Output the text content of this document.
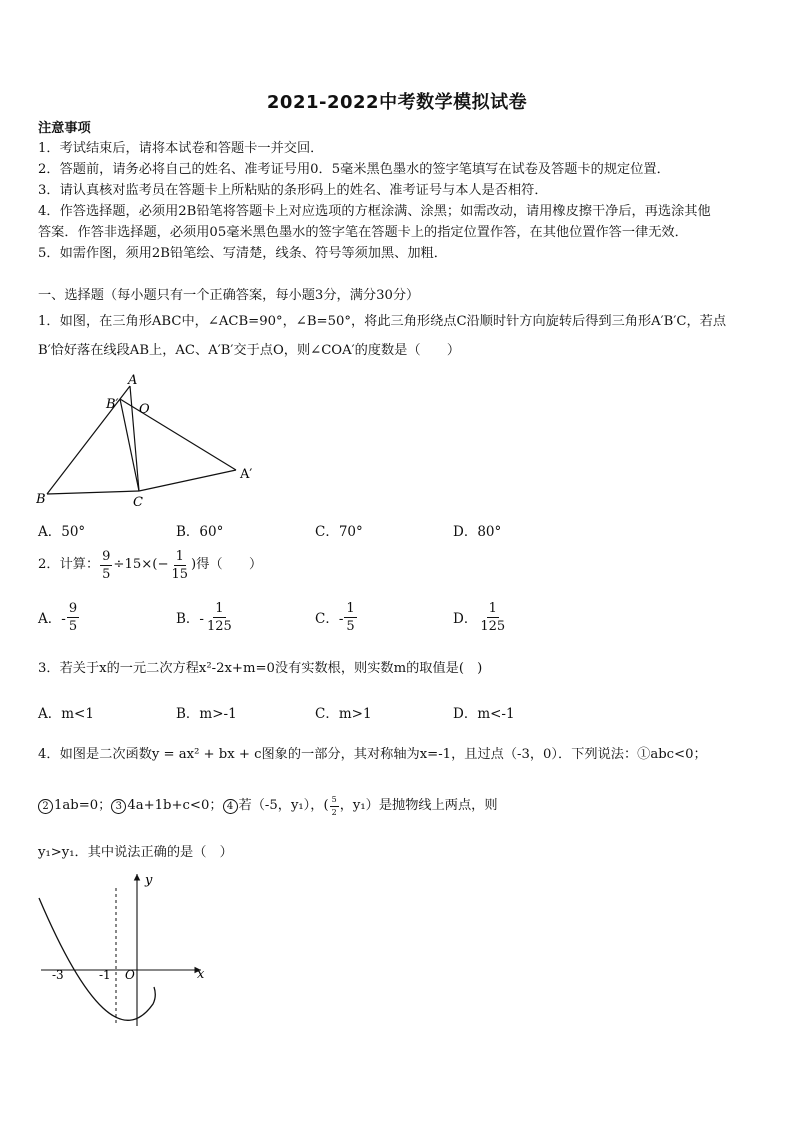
2021-2022中考数学模拟试卷
注意事项
1．考试结束后，请将本试卷和答题卡一并交回．
2．答题前，请务必将自己的姓名、准考证号用0．5毫米黑色墨水的签字笔填写在试卷及答题卡的规定位置．
3．请认真核对监考员在答题卡上所粘贴的条形码上的姓名、准考证号与本人是否相符．
4．作答选择题，必须用2B铅笔将答题卡上对应选项的方框涂满、涂黑；如需改动，请用橡皮擦干净后，再选涂其他
答案．作答非选择题，必须用05毫米黑色墨水的签字笔在答题卡上的指定位置作答，在其他位置作答一律无效．
5．如需作图，须用2B铅笔绘、写清楚，线条、符号等须加黑、加粗．
一、选择题（每小题只有一个正确答案，每小题3分，满分30分）
1．如图，在三角形ABC中，∠ACB=90°，∠B=50°，将此三角形绕点C沿顺时针方向旋转后得到三角形A′B′C，若点
B′恰好落在线段AB上，AC、A′B′交于点O，则∠COA′的度数是（　　）
A
B	C
B′ O
A′
A．50°	B．60°	C．70°	D．80°
2．计算： $\frac{9}{5} \div 15\times(- \frac{1}{15}$ )得（　　）
A．- $\frac{9}{5}$	B．- $\frac{1}{125}$	C．- $\frac{1}{5}$	D． $\frac{1}{125}$
3．若关于x的一元二次方程x²-2x+m=0没有实数根，则实数m的取值是(　)
A．m<1	B．m>-1	C．m>1	D．m<-1
4．如图是二次函数y = ax² + bx + c图象的一部分，其对称轴为x=-1，且过点（-3，0）．下列说法：①abc<0；
2 1ab=0； 3 4a+1b+c<0； 4 若（-5，y₁），( $\frac{5}{2}$ ，y₁）是抛物线上两点，则
y₁>y₁．其中说法正确的是（　）
y
x
-3	-1 O
